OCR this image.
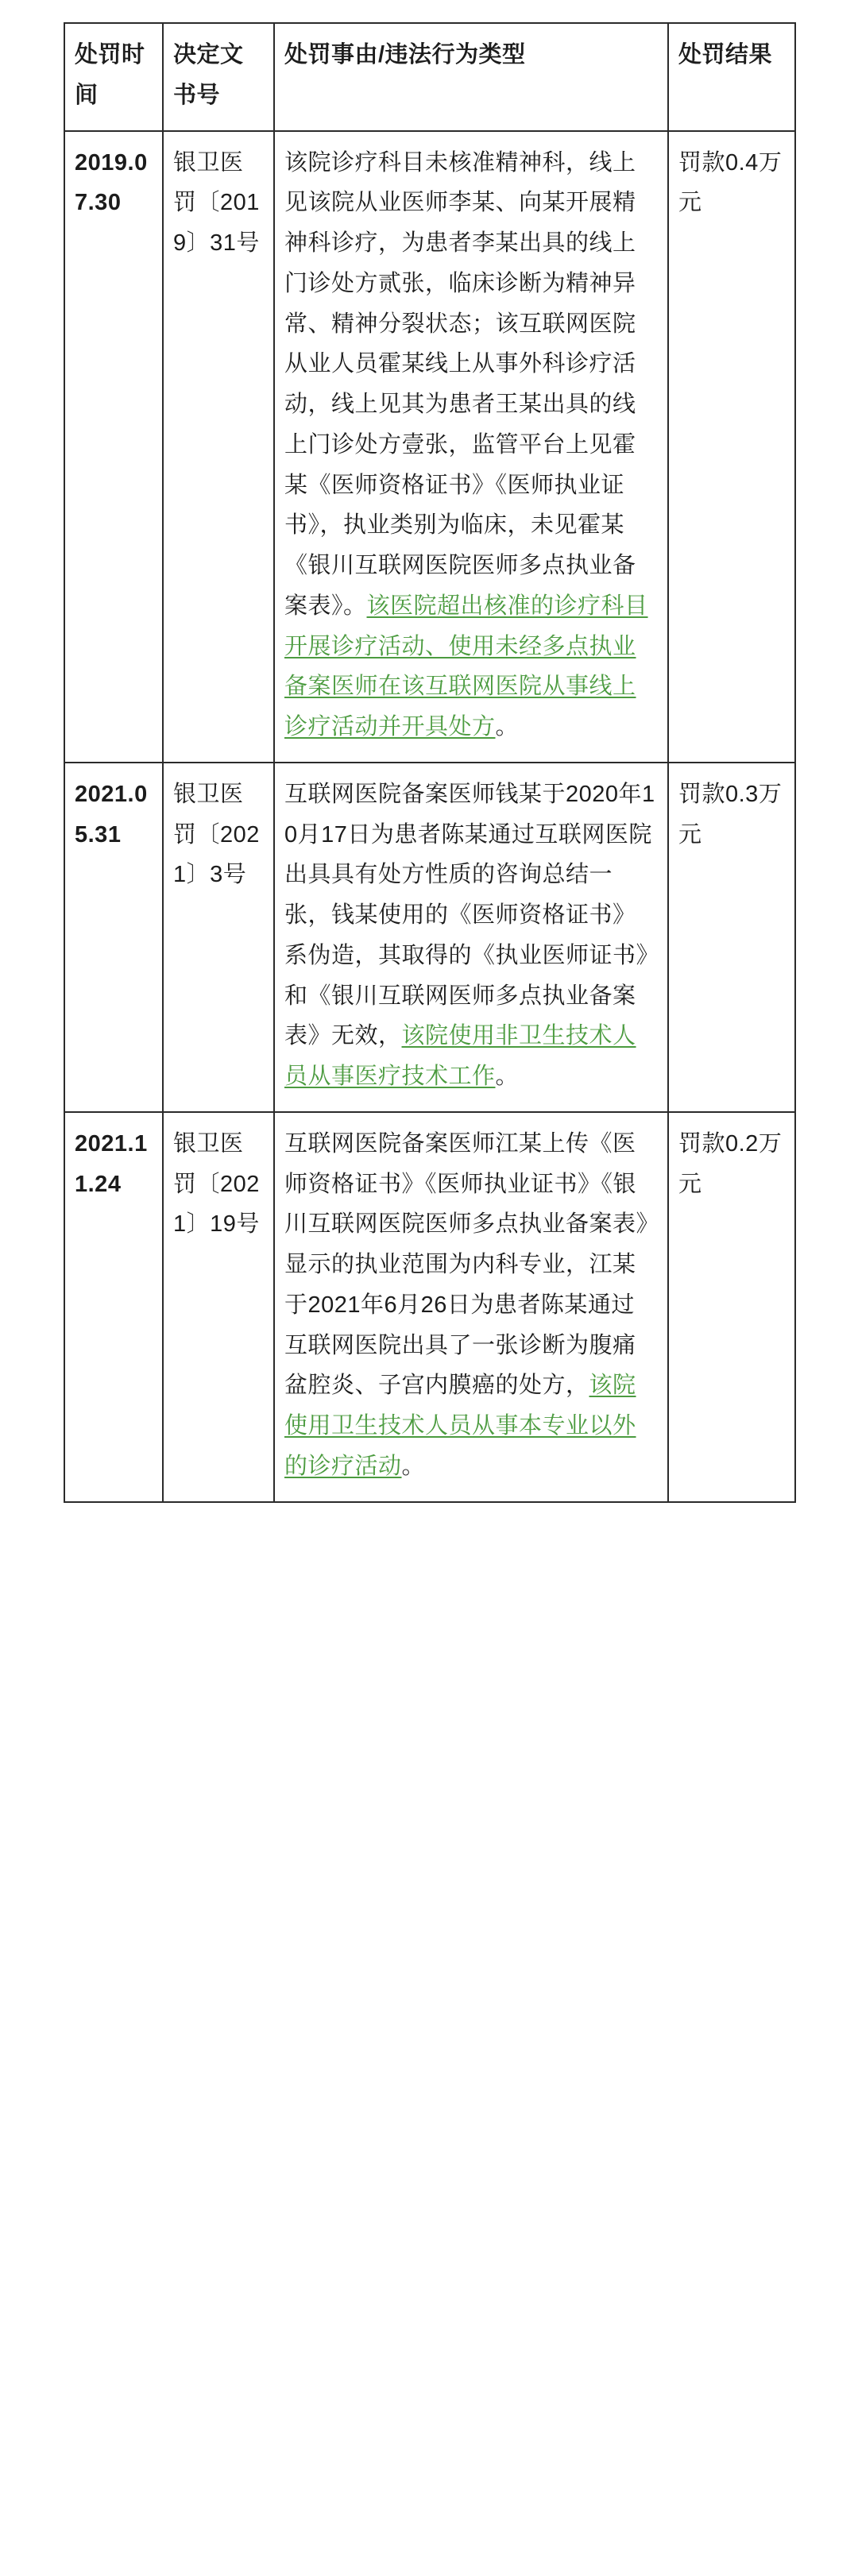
处罚时间	决定文书号	处罚事由/违法行为类型	处罚结果
2019.07.30	银卫医罚〔2019〕31号	该院诊疗科目未核准精神科，线上见该院从业医师李某、向某开展精神科诊疗，为患者李某出具的线上门诊处方贰张，临床诊断为精神异常、精神分裂状态；该互联网医院从业人员霍某线上从事外科诊疗活动，线上见其为患者王某出具的线上门诊处方壹张，监管平台上见霍某《医师资格证书》《医师执业证书》，执业类别为临床，未见霍某《银川互联网医院医师多点执业备案表》。该医院超出核准的诊疗科目开展诊疗活动、使用未经多点执业备案医师在该互联网医院从事线上诊疗活动并开具处方。	罚款0.4万元
2021.05.31	银卫医罚〔2021〕3号	互联网医院备案医师钱某于2020年10月17日为患者陈某通过互联网医院出具具有处方性质的咨询总结一张，钱某使用的《医师资格证书》系伪造，其取得的《执业医师证书》和《银川互联网医师多点执业备案表》无效，该院使用非卫生技术人员从事医疗技术工作。	罚款0.3万元
2021.11.24	银卫医罚〔2021〕19号	互联网医院备案医师江某上传《医师资格证书》《医师执业证书》《银川互联网医院医师多点执业备案表》显示的执业范围为内科专业，江某于2021年6月26日为患者陈某通过互联网医院出具了一张诊断为腹痛盆腔炎、子宫内膜癌的处方，该院使用卫生技术人员从事本专业以外的诊疗活动。	罚款0.2万元
